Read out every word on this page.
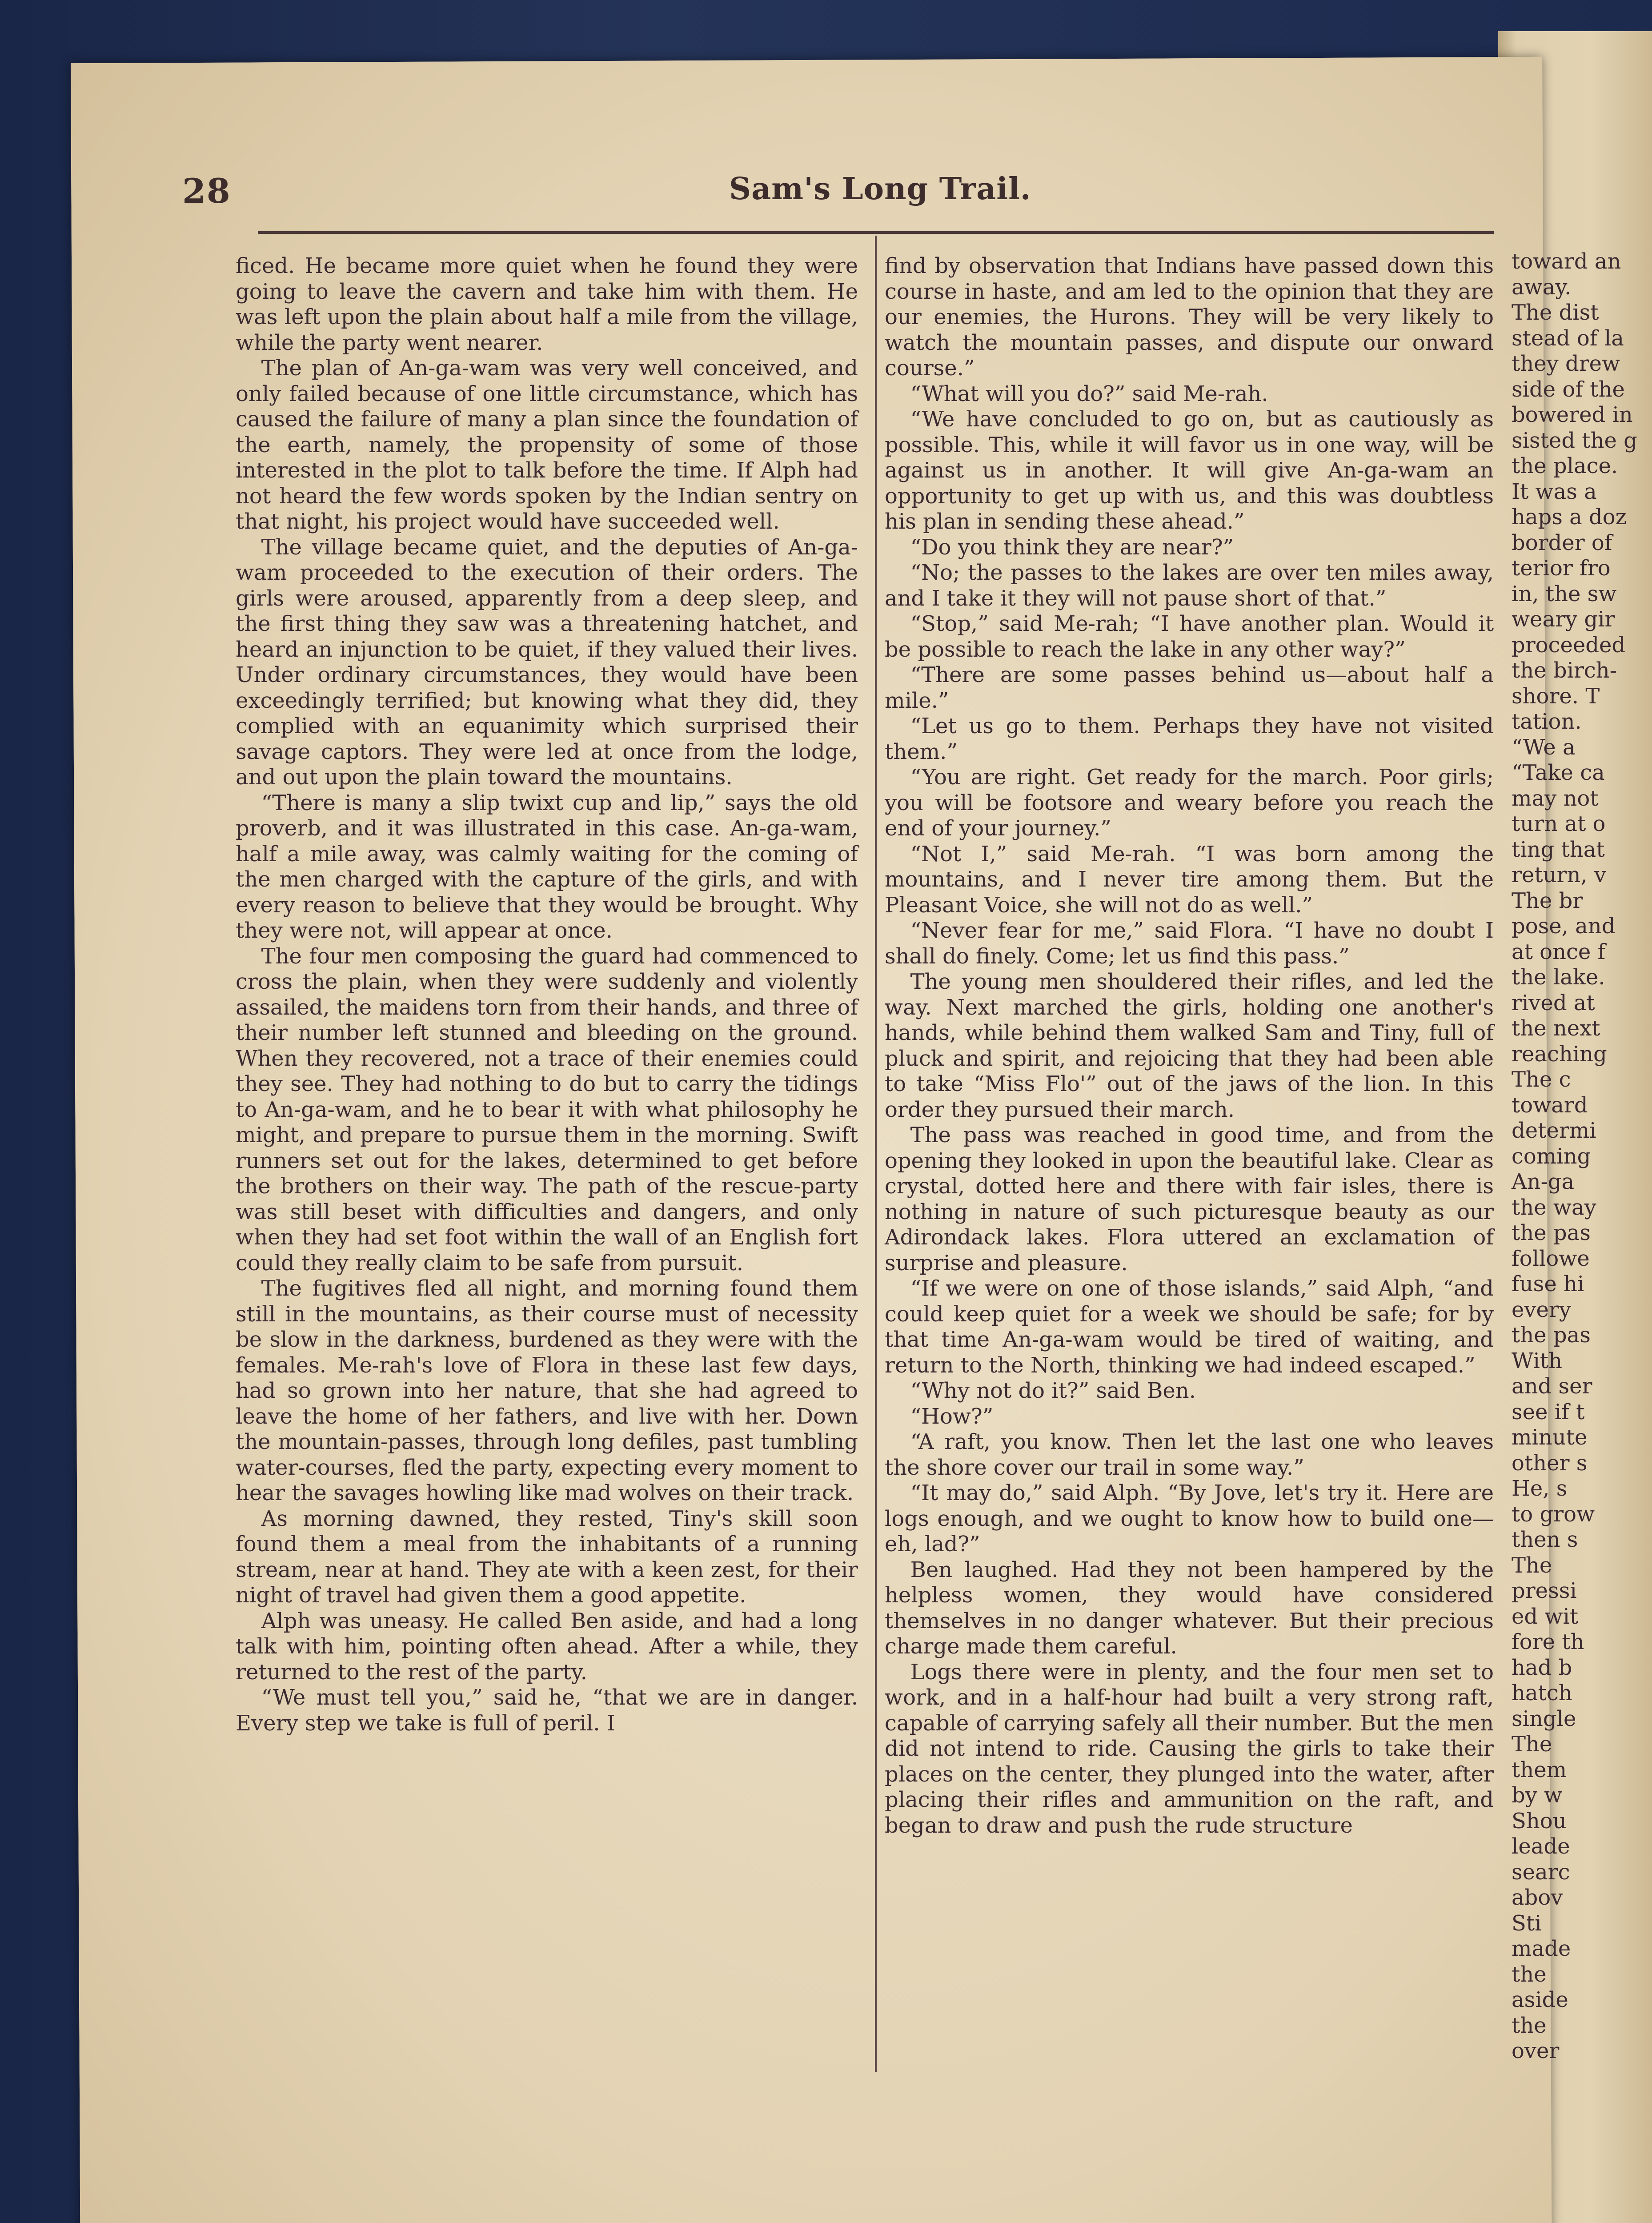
28	Sam's Long Trail.

ficed. He became more quiet when he found they were going to leave the cavern and take him with them. He was left upon the plain about half a mile from the village, while the party went nearer.

The plan of An-ga-wam was very well conceived, and only failed because of one little circumstance, which has caused the failure of many a plan since the foundation of the earth, namely, the propensity of some of those interested in the plot to talk before the time. If Alph had not heard the few words spoken by the Indian sentry on that night, his project would have succeeded well.

The village became quiet, and the deputies of An-ga-wam proceeded to the execution of their orders. The girls were aroused, apparently from a deep sleep, and the first thing they saw was a threatening hatchet, and heard an injunction to be quiet, if they valued their lives. Under ordinary circumstances, they would have been exceedingly terrified; but knowing what they did, they complied with an equanimity which surprised their savage captors. They were led at once from the lodge, and out upon the plain toward the mountains.

“There is many a slip twixt cup and lip,” says the old proverb, and it was illustrated in this case. An-ga-wam, half a mile away, was calmly waiting for the coming of the men charged with the capture of the girls, and with every reason to believe that they would be brought. Why they were not, will appear at once.

The four men composing the guard had commenced to cross the plain, when they were suddenly and violently assailed, the maidens torn from their hands, and three of their number left stunned and bleeding on the ground. When they recovered, not a trace of their enemies could they see. They had nothing to do but to carry the tidings to An-ga-wam, and he to bear it with what philosophy he might, and prepare to pursue them in the morning. Swift runners set out for the lakes, determined to get before the brothers on their way. The path of the rescue-party was still beset with difficulties and dangers, and only when they had set foot within the wall of an English fort could they really claim to be safe from pursuit.

The fugitives fled all night, and morning found them still in the mountains, as their course must of necessity be slow in the darkness, burdened as they were with the females. Me-rah's love of Flora in these last few days, had so grown into her nature, that she had agreed to leave the home of her fathers, and live with her. Down the mountain-passes, through long defiles, past tumbling water-courses, fled the party, expecting every moment to hear the savages howling like mad wolves on their track.

As morning dawned, they rested, Tiny's skill soon found them a meal from the inhabitants of a running stream, near at hand. They ate with a keen zest, for their night of travel had given them a good appetite.

Alph was uneasy. He called Ben aside, and had a long talk with him, pointing often ahead. After a while, they returned to the rest of the party.

“We must tell you,” said he, “that we are in danger. Every step we take is full of peril. I

find by observation that Indians have passed down this course in haste, and am led to the opinion that they are our enemies, the Hurons. They will be very likely to watch the mountain passes, and dispute our onward course.”

“What will you do?” said Me-rah.

“We have concluded to go on, but as cautiously as possible. This, while it will favor us in one way, will be against us in another. It will give An-ga-wam an opportunity to get up with us, and this was doubtless his plan in sending these ahead.”

“Do you think they are near?”

“No; the passes to the lakes are over ten miles away, and I take it they will not pause short of that.”

“Stop,” said Me-rah; “I have another plan. Would it be possible to reach the lake in any other way?”

“There are some passes behind us—about half a mile.”

“Let us go to them. Perhaps they have not visited them.”

“You are right. Get ready for the march. Poor girls; you will be footsore and weary before you reach the end of your journey.”

“Not I,” said Me-rah. “I was born among the mountains, and I never tire among them. But the Pleasant Voice, she will not do as well.”

“Never fear for me,” said Flora. “I have no doubt I shall do finely. Come; let us find this pass.”

The young men shouldered their rifles, and led the way. Next marched the girls, holding one another's hands, while behind them walked Sam and Tiny, full of pluck and spirit, and rejoicing that they had been able to take “Miss Flo'” out of the jaws of the lion. In this order they pursued their march.

The pass was reached in good time, and from the opening they looked in upon the beautiful lake. Clear as crystal, dotted here and there with fair isles, there is nothing in nature of such picturesque beauty as our Adirondack lakes. Flora uttered an exclamation of surprise and pleasure.

“If we were on one of those islands,” said Alph, “and could keep quiet for a week we should be safe; for by that time An-ga-wam would be tired of waiting, and return to the North, thinking we had indeed escaped.”

“Why not do it?” said Ben.

“How?”

“A raft, you know. Then let the last one who leaves the shore cover our trail in some way.”

“It may do,” said Alph. “By Jove, let's try it. Here are logs enough, and we ought to know how to build one—eh, lad?”

Ben laughed. Had they not been hampered by the helpless women, they would have considered themselves in no danger whatever. But their precious charge made them careful.

Logs there were in plenty, and the four men set to work, and in a half-hour had built a very strong raft, capable of carrying safely all their number. But the men did not intend to ride. Causing the girls to take their places on the center, they plunged into the water, after placing their rifles and ammunition on the raft, and began to draw and push the rude structure

toward an
away.
The dist
stead of la
they drew
side of the
bowered in
sisted the g
the place.
It was a
haps a doz
border of
terior fro
in, the sw
weary gir
proceeded
the birch-
shore. T
tation.
“We a
“Take ca
may not
turn at o
ting that
return, v
The br
pose, and
at once f
the lake.
rived at
the next
reaching
The c
toward
determi
coming
An-ga
the way
the pas
followe
fuse hi
every
the pas
With
and ser
see if t
minute
other s
He, s
to grow
then s
The
pressi
ed wit
fore th
had b
hatch
single
The
them
by w
Shou
leade
searc
abov
Sti
made
the
aside
the
over
